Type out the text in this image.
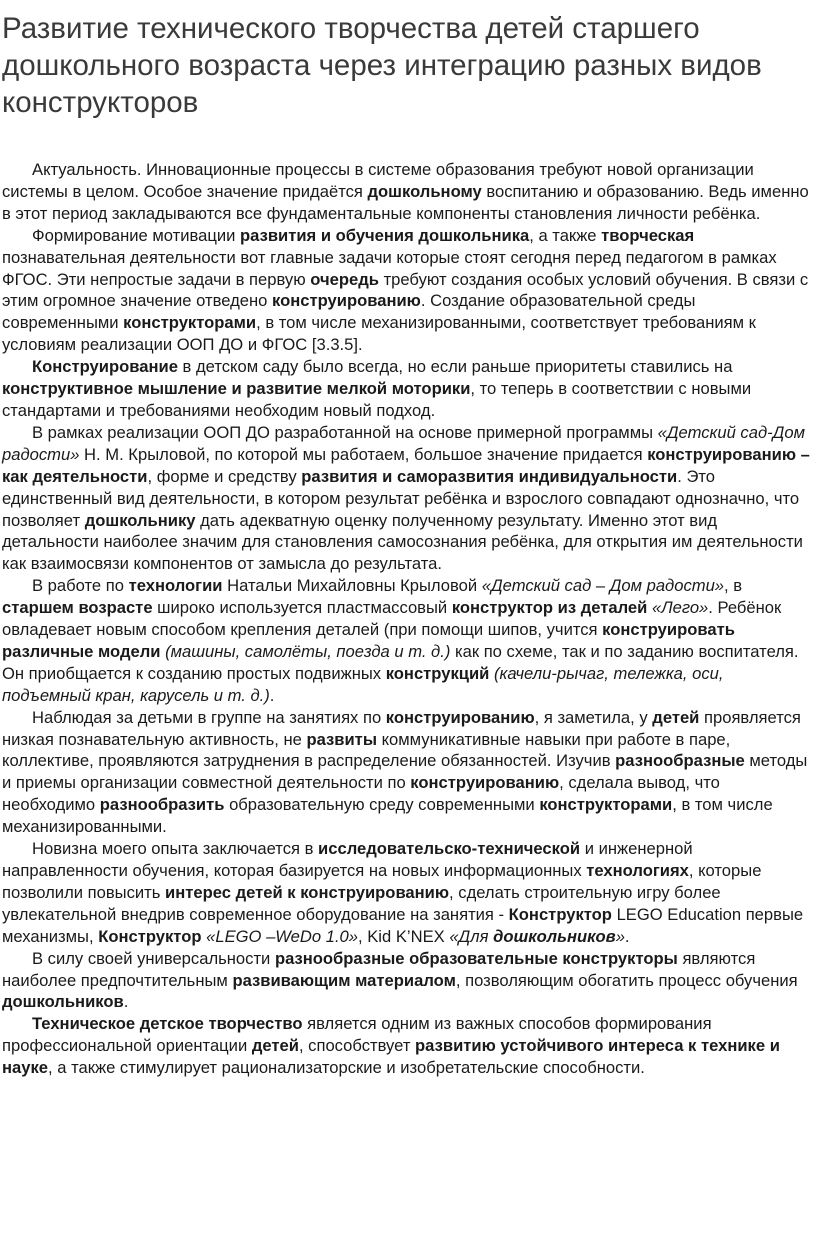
Развитие технического творчества детей старшего дошкольного возраста через интеграцию разных видов конструкторов

Актуальность. Инновационные процессы в системе образования требуют новой организации системы в целом. Особое значение придаётся дошкольному воспитанию и образованию. Ведь именно в этот период закладываются все фундаментальные компоненты становления личности ребёнка.

Формирование мотивации развития и обучения дошкольника, а также творческая познавательная деятельности вот главные задачи которые стоят сегодня перед педагогом в рамках ФГОС. Эти непростые задачи в первую очередь требуют создания особых условий обучения. В связи с этим огромное значение отведено конструированию. Создание образовательной среды современными конструкторами, в том числе механизированными, соответствует требованиям к условиям реализации ООП ДО и ФГОС [3.3.5].

Конструирование в детском саду было всегда, но если раньше приоритеты ставились на конструктивное мышление и развитие мелкой моторики, то теперь в соответствии с новыми стандартами и требованиями необходим новый подход.

В рамках реализации ООП ДО разработанной на основе примерной программы «Детский сад-Дом радости» Н. М. Крыловой, по которой мы работаем, большое значение придается конструированию – как деятельности, форме и средству развития и саморазвития индивидуальности. Это единственный вид деятельности, в котором результат ребёнка и взрослого совпадают однозначно, что позволяет дошкольнику дать адекватную оценку полученному результату. Именно этот вид детальности наиболее значим для становления самосознания ребёнка, для открытия им деятельности как взаимосвязи компонентов от замысла до результата.

В работе по технологии Натальи Михайловны Крыловой «Детский сад – Дом радости», в старшем возрасте широко используется пластмассовый конструктор из деталей «Лего». Ребёнок овладевает новым способом крепления деталей (при помощи шипов, учится конструировать различные модели (машины, самолёты, поезда и т. д.) как по схеме, так и по заданию воспитателя. Он приобщается к созданию простых подвижных конструкций (качели-рычаг, тележка, оси, подъемный кран, карусель и т. д.).

Наблюдая за детьми в группе на занятиях по конструированию, я заметила, у детей проявляется низкая познавательную активность, не развиты коммуникативные навыки при работе в паре, коллективе, проявляются затруднения в распределение обязанностей. Изучив разнообразные методы и приемы организации совместной деятельности по конструированию, сделала вывод, что необходимо разнообразить образовательную среду современными конструкторами, в том числе механизированными.

Новизна моего опыта заключается в исследовательско-технической и инженерной направленности обучения, которая базируется на новых информационных технологиях, которые позволили повысить интерес детей к конструированию, сделать строительную игру более увлекательной внедрив современное оборудование на занятия - Конструктор LEGO Education первые механизмы, Конструктор «LEGO –WeDo 1.0», Kid K’NEX «Для дошкольников».

В силу своей универсальности разнообразные образовательные конструкторы являются наиболее предпочтительным развивающим материалом, позволяющим обогатить процесс обучения дошкольников.

Техническое детское творчество является одним из важных способов формирования профессиональной ориентации детей, способствует развитию устойчивого интереса к технике и науке, а также стимулирует рационализаторские и изобретательские способности.
